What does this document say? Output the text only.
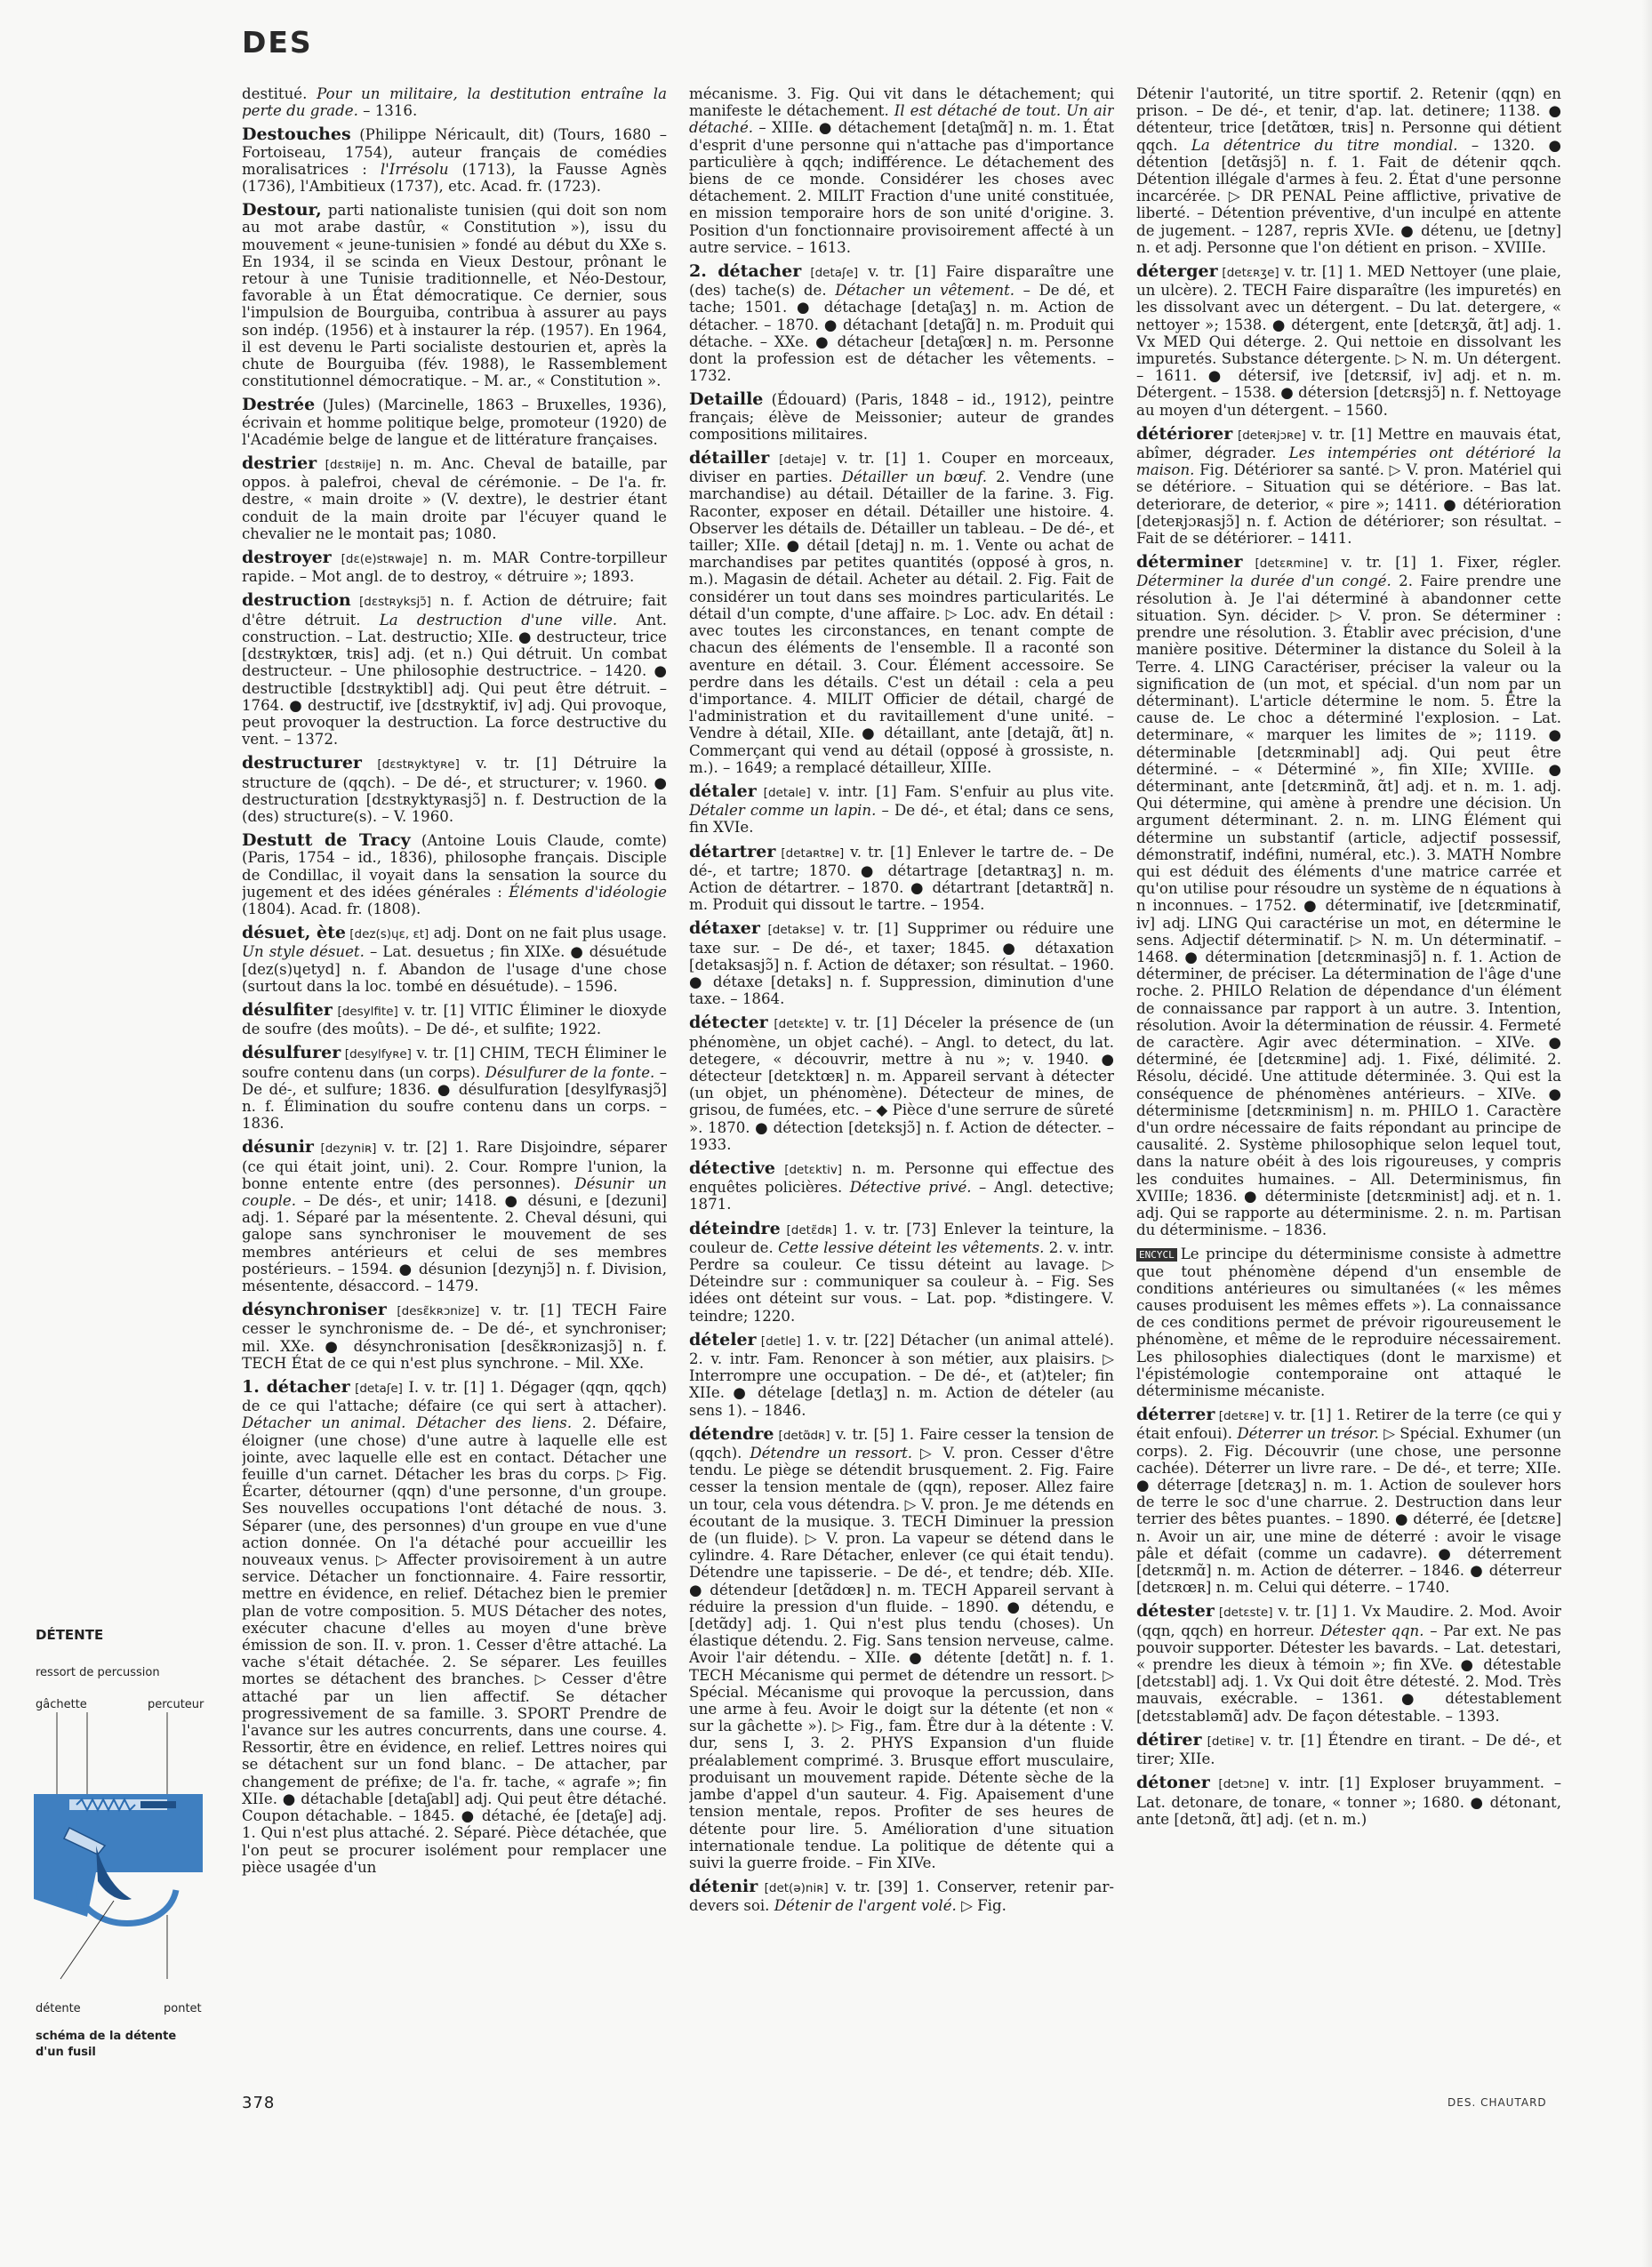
DES
destitué. Pour un militaire, la destitution entraîne la perte du grade. – 1316.
Destouches (Philippe Néricault, dit) (Tours, 1680 – Fortoiseau, 1754), auteur français de comédies moralisatrices : l'Irrésolu (1713), la Fausse Agnès (1736), l'Ambitieux (1737), etc. Acad. fr. (1723).
Destour, parti nationaliste tunisien (qui doit son nom au mot arabe dastûr, « Constitution »), issu du mouvement « jeune-tunisien » fondé au début du XXe s. En 1934, il se scinda en Vieux Destour, prônant le retour à une Tunisie traditionnelle, et Néo-Destour, favorable à un État démocratique. Ce dernier, sous l'impulsion de Bourguiba, contribua à assurer au pays son indép. (1956) et à instaurer la rép. (1957). En 1964, il est devenu le Parti socialiste destourien et, après la chute de Bourguiba (fév. 1988), le Rassemblement constitutionnel démocratique. – M. ar., « Constitution ».
Destrée (Jules) (Marcinelle, 1863 – Bruxelles, 1936), écrivain et homme politique belge, promoteur (1920) de l'Académie belge de langue et de littérature françaises.
destrier [dɛstʀije] n. m. Anc. Cheval de bataille, par oppos. à palefroi, cheval de cérémonie. – De l'a. fr. destre, « main droite » (V. dextre), le destrier étant conduit de la main droite par l'écuyer quand le chevalier ne le montait pas; 1080.
destroyer [dɛ(e)stʀwaje] n. m. MAR Contre-torpilleur rapide. – Mot angl. de to destroy, « détruire »; 1893.
destruction [dɛstʀyksjɔ̃] n. f. Action de détruire; fait d'être détruit. La destruction d'une ville. Ant. construction. – Lat. destructio; XIIe. ● destructeur, trice [dɛstʀyktœʀ, tʀis] adj. (et n.) Qui détruit. Un combat destructeur. – Une philosophie destructrice. – 1420. ● destructible [dɛstʀyktibl] adj. Qui peut être détruit. – 1764. ● destructif, ive [dɛstʀyktif, iv] adj. Qui provoque, peut provoquer la destruction. La force destructive du vent. – 1372.
destructurer [dɛstʀyktyʀe] v. tr. [1] Détruire la structure de (qqch). – De dé-, et structurer; v. 1960. ● destructuration [dɛstʀyktyʀasjɔ̃] n. f. Destruction de la (des) structure(s). – V. 1960.
Destutt de Tracy (Antoine Louis Claude, comte) (Paris, 1754 – id., 1836), philosophe français. Disciple de Condillac, il voyait dans la sensation la source du jugement et des idées générales : Éléments d'idéologie (1804). Acad. fr. (1808).
désuet, ète [dez(s)ɥɛ, ɛt] adj. Dont on ne fait plus usage. Un style désuet. – Lat. desuetus ; fin XIXe. ● désuétude [dez(s)ɥetyd] n. f. Abandon de l'usage d'une chose (surtout dans la loc. tombé en désuétude). – 1596.
désulfiter [desylfite] v. tr. [1] VITIC Éliminer le dioxyde de soufre (des moûts). – De dé-, et sulfite; 1922.
désulfurer [desylfyʀe] v. tr. [1] CHIM, TECH Éliminer le soufre contenu dans (un corps). Désulfurer de la fonte. – De dé-, et sulfure; 1836. ● désulfuration [desylfyʀasjɔ̃] n. f. Élimination du soufre contenu dans un corps. – 1836.
désunir [dezyniʀ] v. tr. [2] 1. Rare Disjoindre, séparer (ce qui était joint, uni). 2. Cour. Rompre l'union, la bonne entente entre (des personnes). Désunir un couple. – De dés-, et unir; 1418. ● désuni, e [dezuni] adj. 1. Séparé par la mésentente. 2. Cheval désuni, qui galope sans synchroniser le mouvement de ses membres antérieurs et celui de ses membres postérieurs. – 1594. ● désunion [dezynjɔ̃] n. f. Division, mésentente, désaccord. – 1479.
désynchroniser [desɛ̃kʀɔnize] v. tr. [1] TECH Faire cesser le synchronisme de. – De dé-, et synchroniser; mil. XXe. ● désynchronisation [desɛ̃kʀɔnizasjɔ̃] n. f. TECH État de ce qui n'est plus synchrone. – Mil. XXe.
1. détacher [detaʃe] I. v. tr. [1] 1. Dégager (qqn, qqch) de ce qui l'attache; défaire (ce qui sert à attacher). Détacher un animal. Détacher des liens. 2. Défaire, éloigner (une chose) d'une autre à laquelle elle est jointe, avec laquelle elle est en contact. Détacher une feuille d'un carnet. Détacher les bras du corps. ▷ Fig. Écarter, détourner (qqn) d'une personne, d'un groupe. Ses nouvelles occupations l'ont détaché de nous. 3. Séparer (une, des personnes) d'un groupe en vue d'une action donnée. On l'a détaché pour accueillir les nouveaux venus. ▷ Affecter provisoirement à un autre service. Détacher un fonctionnaire. 4. Faire ressortir, mettre en évidence, en relief. Détachez bien le premier plan de votre composition. 5. MUS Détacher des notes, exécuter chacune d'elles au moyen d'une brève émission de son. II. v. pron. 1. Cesser d'être attaché. La vache s'était détachée. 2. Se séparer. Les feuilles mortes se détachent des branches. ▷ Cesser d'être attaché par un lien affectif. Se détacher progressivement de sa famille. 3. SPORT Prendre de l'avance sur les autres concurrents, dans une course. 4. Ressortir, être en évidence, en relief. Lettres noires qui se détachent sur un fond blanc. – De attacher, par changement de préfixe; de l'a. fr. tache, « agrafe »; fin XIIe. ● détachable [detaʃabl] adj. Qui peut être détaché. Coupon détachable. – 1845. ● détaché, ée [detaʃe] adj. 1. Qui n'est plus attaché. 2. Séparé. Pièce détachée, que l'on peut se procurer isolément pour remplacer une pièce usagée d'un
mécanisme. 3. Fig. Qui vit dans le détachement; qui manifeste le détachement. Il est détaché de tout. Un air détaché. – XIIIe. ● détachement [detaʃmɑ̃] n. m. 1. État d'esprit d'une personne qui n'attache pas d'importance particulière à qqch; indifférence. Le détachement des biens de ce monde. Considérer les choses avec détachement. 2. MILIT Fraction d'une unité constituée, en mission temporaire hors de son unité d'origine. 3. Position d'un fonctionnaire provisoirement affecté à un autre service. – 1613.
2. détacher [detaʃe] v. tr. [1] Faire disparaître une (des) tache(s) de. Détacher un vêtement. – De dé, et tache; 1501. ● détachage [detaʃaʒ] n. m. Action de détacher. – 1870. ● détachant [detaʃɑ̃] n. m. Produit qui détache. – XXe. ● détacheur [detaʃœʀ] n. m. Personne dont la profession est de détacher les vêtements. – 1732.
Detaille (Édouard) (Paris, 1848 – id., 1912), peintre français; élève de Meissonier; auteur de grandes compositions militaires.
détailler [detaje] v. tr. [1] 1. Couper en morceaux, diviser en parties. Détailler un bœuf. 2. Vendre (une marchandise) au détail. Détailler de la farine. 3. Fig. Raconter, exposer en détail. Détailler une histoire. 4. Observer les détails de. Détailler un tableau. – De dé-, et tailler; XIIe. ● détail [detaj] n. m. 1. Vente ou achat de marchandises par petites quantités (opposé à gros, n. m.). Magasin de détail. Acheter au détail. 2. Fig. Fait de considérer un tout dans ses moindres particularités. Le détail d'un compte, d'une affaire. ▷ Loc. adv. En détail : avec toutes les circonstances, en tenant compte de chacun des éléments de l'ensemble. Il a raconté son aventure en détail. 3. Cour. Élément accessoire. Se perdre dans les détails. C'est un détail : cela a peu d'importance. 4. MILIT Officier de détail, chargé de l'administration et du ravitaillement d'une unité. – Vendre à détail, XIIe. ● détaillant, ante [detajɑ̃, ɑ̃t] n. Commerçant qui vend au détail (opposé à grossiste, n. m.). – 1649; a remplacé détailleur, XIIIe.
détaler [detale] v. intr. [1] Fam. S'enfuir au plus vite. Détaler comme un lapin. – De dé-, et étal; dans ce sens, fin XVIe.
détartrer [detaʀtʀe] v. tr. [1] Enlever le tartre de. – De dé-, et tartre; 1870. ● détartrage [detaʀtʀaʒ] n. m. Action de détartrer. – 1870. ● détartrant [detaʀtʀɑ̃] n. m. Produit qui dissout le tartre. – 1954.
détaxer [detakse] v. tr. [1] Supprimer ou réduire une taxe sur. – De dé-, et taxer; 1845. ● détaxation [detaksasjɔ̃] n. f. Action de détaxer; son résultat. – 1960. ● détaxe [detaks] n. f. Suppression, diminution d'une taxe. – 1864.
détecter [detɛkte] v. tr. [1] Déceler la présence de (un phénomène, un objet caché). – Angl. to detect, du lat. detegere, « découvrir, mettre à nu »; v. 1940. ● détecteur [detɛktœʀ] n. m. Appareil servant à détecter (un objet, un phénomène). Détecteur de mines, de grisou, de fumées, etc. – ◆ Pièce d'une serrure de sûreté ». 1870. ● détection [detɛksjɔ̃] n. f. Action de détecter. – 1933.
détective [detɛktiv] n. m. Personne qui effectue des enquêtes policières. Détective privé. – Angl. detective; 1871.
déteindre [detɛ̃dʀ] 1. v. tr. [73] Enlever la teinture, la couleur de. Cette lessive déteint les vêtements. 2. v. intr. Perdre sa couleur. Ce tissu déteint au lavage. ▷ Déteindre sur : communiquer sa couleur à. – Fig. Ses idées ont déteint sur vous. – Lat. pop. *distingere. V. teindre; 1220.
dételer [detle] 1. v. tr. [22] Détacher (un animal attelé). 2. v. intr. Fam. Renoncer à son métier, aux plaisirs. ▷ Interrompre une occupation. – De dé-, et (at)teler; fin XIIe. ● dételage [detlaʒ] n. m. Action de dételer (au sens 1). – 1846.
détendre [detɑ̃dʀ] v. tr. [5] 1. Faire cesser la tension de (qqch). Détendre un ressort. ▷ V. pron. Cesser d'être tendu. Le piège se détendit brusquement. 2. Fig. Faire cesser la tension mentale de (qqn), reposer. Allez faire un tour, cela vous détendra. ▷ V. pron. Je me détends en écoutant de la musique. 3. TECH Diminuer la pression de (un fluide). ▷ V. pron. La vapeur se détend dans le cylindre. 4. Rare Détacher, enlever (ce qui était tendu). Détendre une tapisserie. – De dé-, et tendre; déb. XIIe. ● détendeur [detɑ̃dœʀ] n. m. TECH Appareil servant à réduire la pression d'un fluide. – 1890. ● détendu, e [detɑ̃dy] adj. 1. Qui n'est plus tendu (choses). Un élastique détendu. 2. Fig. Sans tension nerveuse, calme. Avoir l'air détendu. – XIIe. ● détente [detɑ̃t] n. f. 1. TECH Mécanisme qui permet de détendre un ressort. ▷ Spécial. Mécanisme qui provoque la percussion, dans une arme à feu. Avoir le doigt sur la détente (et non « sur la gâchette »). ▷ Fig., fam. Être dur à la détente : V. dur, sens I, 3. 2. PHYS Expansion d'un fluide préalablement comprimé. 3. Brusque effort musculaire, produisant un mouvement rapide. Détente sèche de la jambe d'appel d'un sauteur. 4. Fig. Apaisement d'une tension mentale, repos. Profiter de ses heures de détente pour lire. 5. Amélioration d'une situation internationale tendue. La politique de détente qui a suivi la guerre froide. – Fin XIVe.
détenir [det(ə)niʀ] v. tr. [39] 1. Conserver, retenir par-devers soi. Détenir de l'argent volé. ▷ Fig.
Détenir l'autorité, un titre sportif. 2. Retenir (qqn) en prison. – De dé-, et tenir, d'ap. lat. detinere; 1138. ● détenteur, trice [detɑ̃tœʀ, tʀis] n. Personne qui détient qqch. La détentrice du titre mondial. – 1320. ● détention [detɑ̃sjɔ̃] n. f. 1. Fait de détenir qqch. Détention illégale d'armes à feu. 2. État d'une personne incarcérée. ▷ DR PENAL Peine afflictive, privative de liberté. – Détention préventive, d'un inculpé en attente de jugement. – 1287, repris XVIe. ● détenu, ue [detny] n. et adj. Personne que l'on détient en prison. – XVIIIe.
déterger [detɛʀʒe] v. tr. [1] 1. MED Nettoyer (une plaie, un ulcère). 2. TECH Faire disparaître (les impuretés) en les dissolvant avec un détergent. – Du lat. detergere, « nettoyer »; 1538. ● détergent, ente [detɛʀʒɑ̃, ɑ̃t] adj. 1. Vx MED Qui déterge. 2. Qui nettoie en dissolvant les impuretés. Substance détergente. ▷ N. m. Un détergent. – 1611. ● détersif, ive [detɛʀsif, iv] adj. et n. m. Détergent. – 1538. ● détersion [detɛʀsjɔ̃] n. f. Nettoyage au moyen d'un détergent. – 1560.
détériorer [deteʀjɔʀe] v. tr. [1] Mettre en mauvais état, abîmer, dégrader. Les intempéries ont détérioré la maison. Fig. Détériorer sa santé. ▷ V. pron. Matériel qui se détériore. – Situation qui se détériore. – Bas lat. deteriorare, de deterior, « pire »; 1411. ● détérioration [deteʀjɔʀasjɔ̃] n. f. Action de détériorer; son résultat. – Fait de se détériorer. – 1411.
déterminer [detɛʀmine] v. tr. [1] 1. Fixer, régler. Déterminer la durée d'un congé. 2. Faire prendre une résolution à. Je l'ai déterminé à abandonner cette situation. Syn. décider. ▷ V. pron. Se déterminer : prendre une résolution. 3. Établir avec précision, d'une manière positive. Déterminer la distance du Soleil à la Terre. 4. LING Caractériser, préciser la valeur ou la signification de (un mot, et spécial. d'un nom par un déterminant). L'article détermine le nom. 5. Être la cause de. Le choc a déterminé l'explosion. – Lat. determinare, « marquer les limites de »; 1119. ● déterminable [detɛʀminabl] adj. Qui peut être déterminé. – « Déterminé », fin XIIe; XVIIIe. ● déterminant, ante [detɛʀminɑ̃, ɑ̃t] adj. et n. m. 1. adj. Qui détermine, qui amène à prendre une décision. Un argument déterminant. 2. n. m. LING Élément qui détermine un substantif (article, adjectif possessif, démonstratif, indéfini, numéral, etc.). 3. MATH Nombre qui est déduit des éléments d'une matrice carrée et qu'on utilise pour résoudre un système de n équations à n inconnues. – 1752. ● déterminatif, ive [detɛʀminatif, iv] adj. LING Qui caractérise un mot, en détermine le sens. Adjectif déterminatif. ▷ N. m. Un déterminatif. – 1468. ● détermination [detɛʀminasjɔ̃] n. f. 1. Action de déterminer, de préciser. La détermination de l'âge d'une roche. 2. PHILO Relation de dépendance d'un élément de connaissance par rapport à un autre. 3. Intention, résolution. Avoir la détermination de réussir. 4. Fermeté de caractère. Agir avec détermination. – XIVe. ● déterminé, ée [detɛʀmine] adj. 1. Fixé, délimité. 2. Résolu, décidé. Une attitude déterminée. 3. Qui est la conséquence de phénomènes antérieurs. – XIVe. ● déterminisme [detɛʀminism] n. m. PHILO 1. Caractère d'un ordre nécessaire de faits répondant au principe de causalité. 2. Système philosophique selon lequel tout, dans la nature obéit à des lois rigoureuses, y compris les conduites humaines. – All. Determinismus, fin XVIIIe; 1836. ● déterministe [detɛʀminist] adj. et n. 1. adj. Qui se rapporte au déterminisme. 2. n. m. Partisan du déterminisme. – 1836.
ENCYCL Le principe du déterminisme consiste à admettre que tout phénomène dépend d'un ensemble de conditions antérieures ou simultanées (« les mêmes causes produisent les mêmes effets »). La connaissance de ces conditions permet de prévoir rigoureusement le phénomène, et même de le reproduire nécessairement. Les philosophies dialectiques (dont le marxisme) et l'épistémologie contemporaine ont attaqué le déterminisme mécaniste.
déterrer [detɛʀe] v. tr. [1] 1. Retirer de la terre (ce qui y était enfoui). Déterrer un trésor. ▷ Spécial. Exhumer (un corps). 2. Fig. Découvrir (une chose, une personne cachée). Déterrer un livre rare. – De dé-, et terre; XIIe. ● déterrage [detɛʀaʒ] n. m. 1. Action de soulever hors de terre le soc d'une charrue. 2. Destruction dans leur terrier des bêtes puantes. – 1890. ● déterré, ée [detɛʀe] n. Avoir un air, une mine de déterré : avoir le visage pâle et défait (comme un cadavre). ● déterrement [detɛʀmɑ̃] n. m. Action de déterrer. – 1846. ● déterreur [detɛʀœʀ] n. m. Celui qui déterre. – 1740.
détester [detɛste] v. tr. [1] 1. Vx Maudire. 2. Mod. Avoir (qqn, qqch) en horreur. Détester qqn. – Par ext. Ne pas pouvoir supporter. Détester les bavards. – Lat. detestari, « prendre les dieux à témoin »; fin XVe. ● détestable [detɛstabl] adj. 1. Vx Qui doit être détesté. 2. Mod. Très mauvais, exécrable. – 1361. ● détestablement [detɛstabləmɑ̃] adv. De façon détestable. – 1393.
détirer [detiʀe] v. tr. [1] Étendre en tirant. – De dé-, et tirer; XIIe.
détoner [detɔne] v. intr. [1] Exploser bruyamment. – Lat. detonare, de tonare, « tonner »; 1680. ● détonant, ante [detɔnɑ̃, ɑ̃t] adj. (et n. m.)
DÉTENTE
ressort de percussion
gâchette	percuteur
détente	pontet
schéma de la détente d'un fusil
378	DES. CHAUTARD
